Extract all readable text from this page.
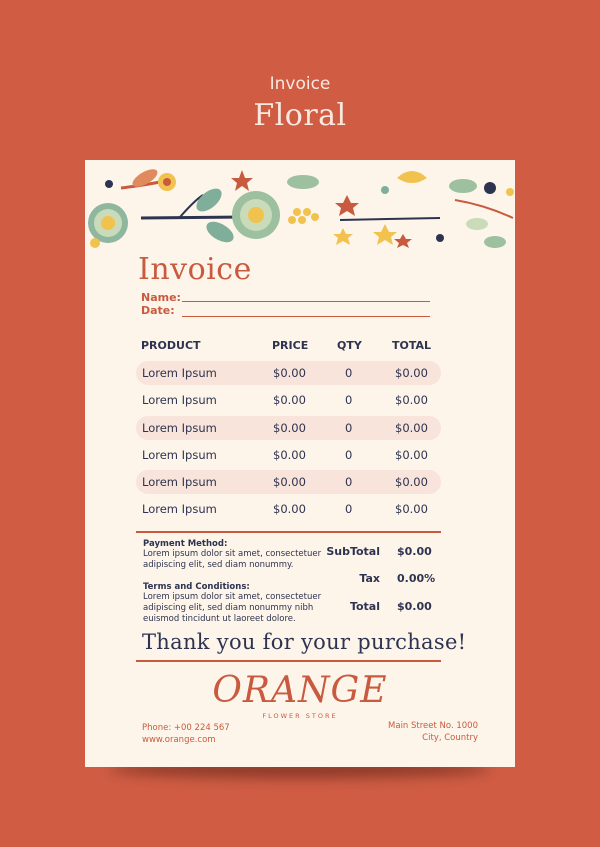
Invoice
Floral
Invoice
Name:
Date:
PRODUCT	PRICE	QTY	TOTAL
Lorem Ipsum	$0.00	0	$0.00
Lorem Ipsum	$0.00	0	$0.00
Lorem Ipsum	$0.00	0	$0.00
Lorem Ipsum	$0.00	0	$0.00
Lorem Ipsum	$0.00	0	$0.00
Lorem Ipsum	$0.00	0	$0.00
Payment Method:
Lorem ipsum dolor sit amet, consectetuer adipiscing elit, sed diam nonummy.
Terms and Conditions:
Lorem ipsum dolor sit amet, consectetuer adipiscing elit, sed diam nonummy nibh euismod tincidunt ut laoreet dolore.
SubTotal $0.00
Tax 0.00%
Total $0.00
Thank you for your purchase!
ORANGE
FLOWER STORE
Phone: +00 224 567
www.orange.com
Main Street No. 1000
City, Country
